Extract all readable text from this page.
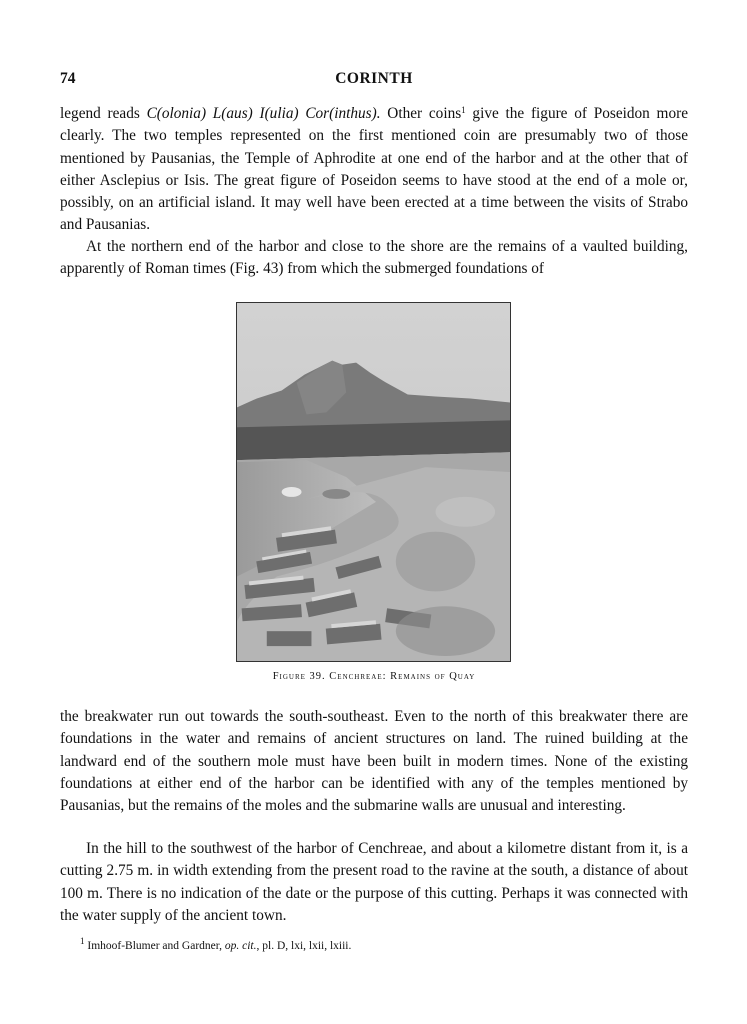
74	CORINTH

legend reads C(olonia) L(aus) I(ulia) Cor(inthus). Other coins$^1$ give the figure of Poseidon more clearly. The two temples represented on the first mentioned coin are presumably two of those mentioned by Pausanias, the Temple of Aphrodite at one end of the harbor and at the other that of either Asclepius or Isis. The great figure of Poseidon seems to have stood at the end of a mole or, possibly, on an artificial island. It may well have been erected at a time between the visits of Strabo and Pausanias.

At the northern end of the harbor and close to the shore are the remains of a vaulted building, apparently of Roman times (Fig. 43) from which the submerged foundations of

Figure 39. Cenchreae: Remains of Quay

the breakwater run out towards the south-southeast. Even to the north of this breakwater there are foundations in the water and remains of ancient structures on land. The ruined building at the landward end of the southern mole must have been built in modern times. None of the existing foundations at either end of the harbor can be identified with any of the temples mentioned by Pausanias, but the remains of the moles and the submarine walls are unusual and interesting.

In the hill to the southwest of the harbor of Cenchreae, and about a kilometre distant from it, is a cutting 2.75 m. in width extending from the present road to the ravine at the south, a distance of about 100 m. There is no indication of the date or the purpose of this cutting. Perhaps it was connected with the water supply of the ancient town.

$^1$ Imhoof-Blumer and Gardner, op. cit., pl. D, lxi, lxii, lxiii.
